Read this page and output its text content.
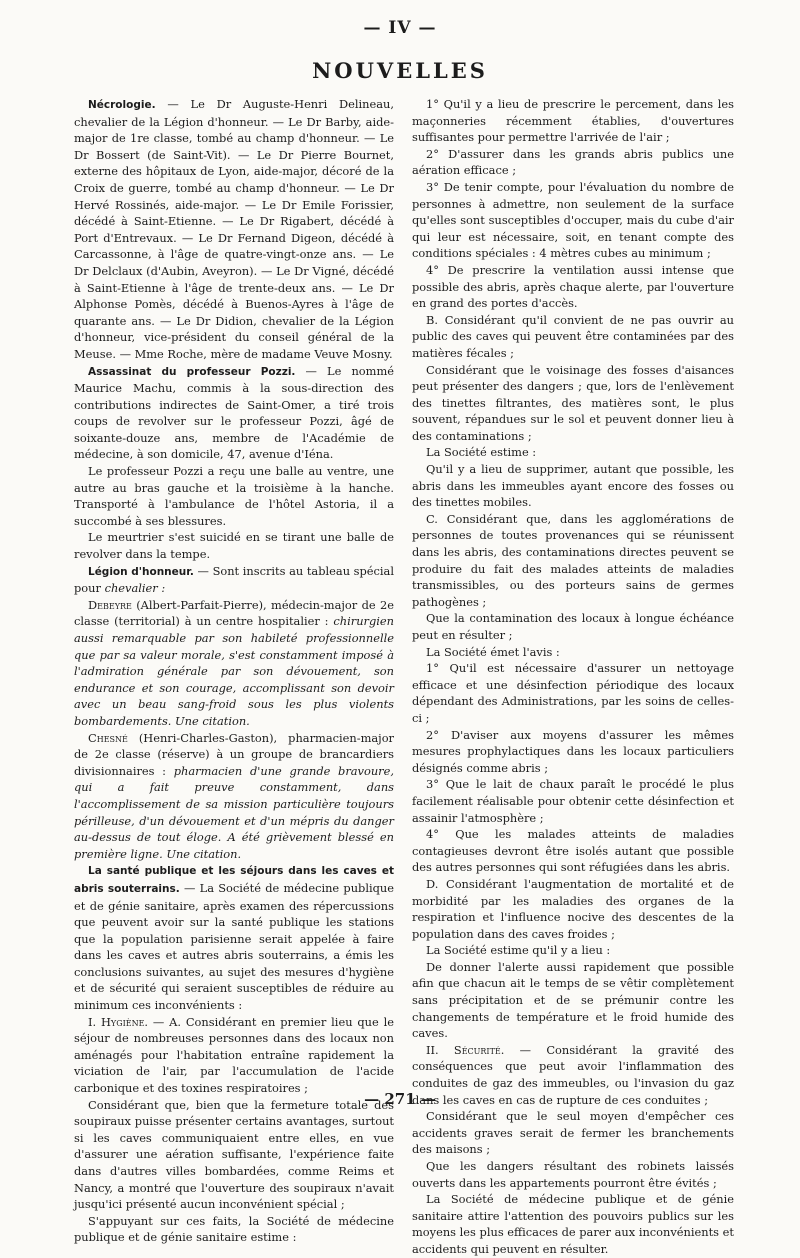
— IV —
NOUVELLES

Nécrologie. — Le Dr Auguste-Henri Delineau, chevalier de la Légion d'honneur. — Le Dr Barby, aide-major de 1re classe, tombé au champ d'honneur. — Le Dr Bossert (de Saint-Vit). — Le Dr Pierre Bournet, externe des hôpitaux de Lyon, aide-major, décoré de la Croix de guerre, tombé au champ d'honneur. — Le Dr Hervé Rossinés, aide-major. — Le Dr Emile Forissier, décédé à Saint-Etienne. — Le Dr Rigabert, décédé à Port d'Entrevaux. — Le Dr Fernand Digeon, décédé à Carcassonne, à l'âge de quatre-vingt-onze ans. — Le Dr Delclaux (d'Aubin, Aveyron). — Le Dr Vigné, décédé à Saint-Etienne à l'âge de trente-deux ans. — Le Dr Alphonse Pomès, décédé à Buenos-Ayres à l'âge de quarante ans. — Le Dr Didion, chevalier de la Légion d'honneur, vice-président du conseil général de la Meuse. — Mme Roche, mère de madame Veuve Mosny.

Assassinat du professeur Pozzi. — Le nommé Maurice Machu, commis à la sous-direction des contributions indirectes de Saint-Omer, a tiré trois coups de revolver sur le professeur Pozzi, âgé de soixante-douze ans, membre de l'Académie de médecine, à son domicile, 47, avenue d'Iéna.

Le professeur Pozzi a reçu une balle au ventre, une autre au bras gauche et la troisième à la hanche. Transporté à l'ambulance de l'hôtel Astoria, il a succombé à ses blessures.

Le meurtrier s'est suicidé en se tirant une balle de revolver dans la tempe.

Légion d'honneur. — Sont inscrits au tableau spécial pour chevalier :

Debeyre (Albert-Parfait-Pierre), médecin-major de 2e classe (territorial) à un centre hospitalier : chirurgien aussi remarquable par son habileté professionnelle que par sa valeur morale, s'est constamment imposé à l'admiration générale par son dévouement, son endurance et son courage, accomplissant son devoir avec un beau sang-froid sous les plus violents bombardements. Une citation.

Chesné (Henri-Charles-Gaston), pharmacien-major de 2e classe (réserve) à un groupe de brancardiers divisionnaires : pharmacien d'une grande bravoure, qui a fait preuve constamment, dans l'accomplissement de sa mission particulière toujours périlleuse, d'un dévouement et d'un mépris du danger au-dessus de tout éloge. A été grièvement blessé en première ligne. Une citation.

La santé publique et les séjours dans les caves et abris souterrains. — La Société de médecine publique et de génie sanitaire, après examen des répercussions que peuvent avoir sur la santé publique les stations que la population parisienne serait appelée à faire dans les caves et autres abris souterrains, a émis les conclusions suivantes, au sujet des mesures d'hygiène et de sécurité qui seraient susceptibles de réduire au minimum ces inconvénients :

I. Hygiène. — A. Considérant en premier lieu que le séjour de nombreuses personnes dans des locaux non aménagés pour l'habitation entraîne rapidement la viciation de l'air, par l'accumulation de l'acide carbonique et des toxines respiratoires ;

Considérant que, bien que la fermeture totale des soupiraux puisse présenter certains avantages, surtout si les caves communiquaient entre elles, en vue d'assurer une aération suffisante, l'expérience faite dans d'autres villes bombardées, comme Reims et Nancy, a montré que l'ouverture des soupiraux n'avait jusqu'ici présenté aucun inconvénient spécial ;

S'appuyant sur ces faits, la Société de médecine publique et de génie sanitaire estime :

1° Qu'il y a lieu de prescrire le percement, dans les maçonneries récemment établies, d'ouvertures suffisantes pour permettre l'arrivée de l'air ;

2° D'assurer dans les grands abris publics une aération efficace ;

3° De tenir compte, pour l'évaluation du nombre de personnes à admettre, non seulement de la surface qu'elles sont susceptibles d'occuper, mais du cube d'air qui leur est nécessaire, soit, en tenant compte des conditions spéciales : 4 mètres cubes au minimum ;

4° De prescrire la ventilation aussi intense que possible des abris, après chaque alerte, par l'ouverture en grand des portes d'accès.

B. Considérant qu'il convient de ne pas ouvrir au public des caves qui peuvent être contaminées par des matières fécales ;

Considérant que le voisinage des fosses d'aisances peut présenter des dangers ; que, lors de l'enlèvement des tinettes filtrantes, des matières sont, le plus souvent, répandues sur le sol et peuvent donner lieu à des contaminations ;

La Société estime :

Qu'il y a lieu de supprimer, autant que possible, les abris dans les immeubles ayant encore des fosses ou des tinettes mobiles.

C. Considérant que, dans les agglomérations de personnes de toutes provenances qui se réunissent dans les abris, des contaminations directes peuvent se produire du fait des malades atteints de maladies transmissibles, ou des porteurs sains de germes pathogènes ;

Que la contamination des locaux à longue échéance peut en résulter ;

La Société émet l'avis :

1° Qu'il est nécessaire d'assurer un nettoyage efficace et une désinfection périodique des locaux dépendant des Administrations, par les soins de celles-ci ;

2° D'aviser aux moyens d'assurer les mêmes mesures prophylactiques dans les locaux particuliers désignés comme abris ;

3° Que le lait de chaux paraît le procédé le plus facilement réalisable pour obtenir cette désinfection et assainir l'atmosphère ;

4° Que les malades atteints de maladies contagieuses devront être isolés autant que possible des autres personnes qui sont réfugiées dans les abris.

D. Considérant l'augmentation de mortalité et de morbidité par les maladies des organes de la respiration et l'influence nocive des descentes de la population dans des caves froides ;

La Société estime qu'il y a lieu :

De donner l'alerte aussi rapidement que possible afin que chacun ait le temps de se vêtir complètement sans précipitation et de se prémunir contre les changements de température et le froid humide des caves.

II. Sécurité. — Considérant la gravité des conséquences que peut avoir l'inflammation des conduites de gaz des immeubles, ou l'invasion du gaz dans les caves en cas de rupture de ces conduites ;

Considérant que le seul moyen d'empêcher ces accidents graves serait de fermer les branchements des maisons ;

Que les dangers résultant des robinets laissés ouverts dans les appartements pourront être évités ;

La Société de médecine publique et de génie sanitaire attire l'attention des pouvoirs publics sur les moyens les plus efficaces de parer aux inconvénients et accidents qui peuvent en résulter.

— 271 —
